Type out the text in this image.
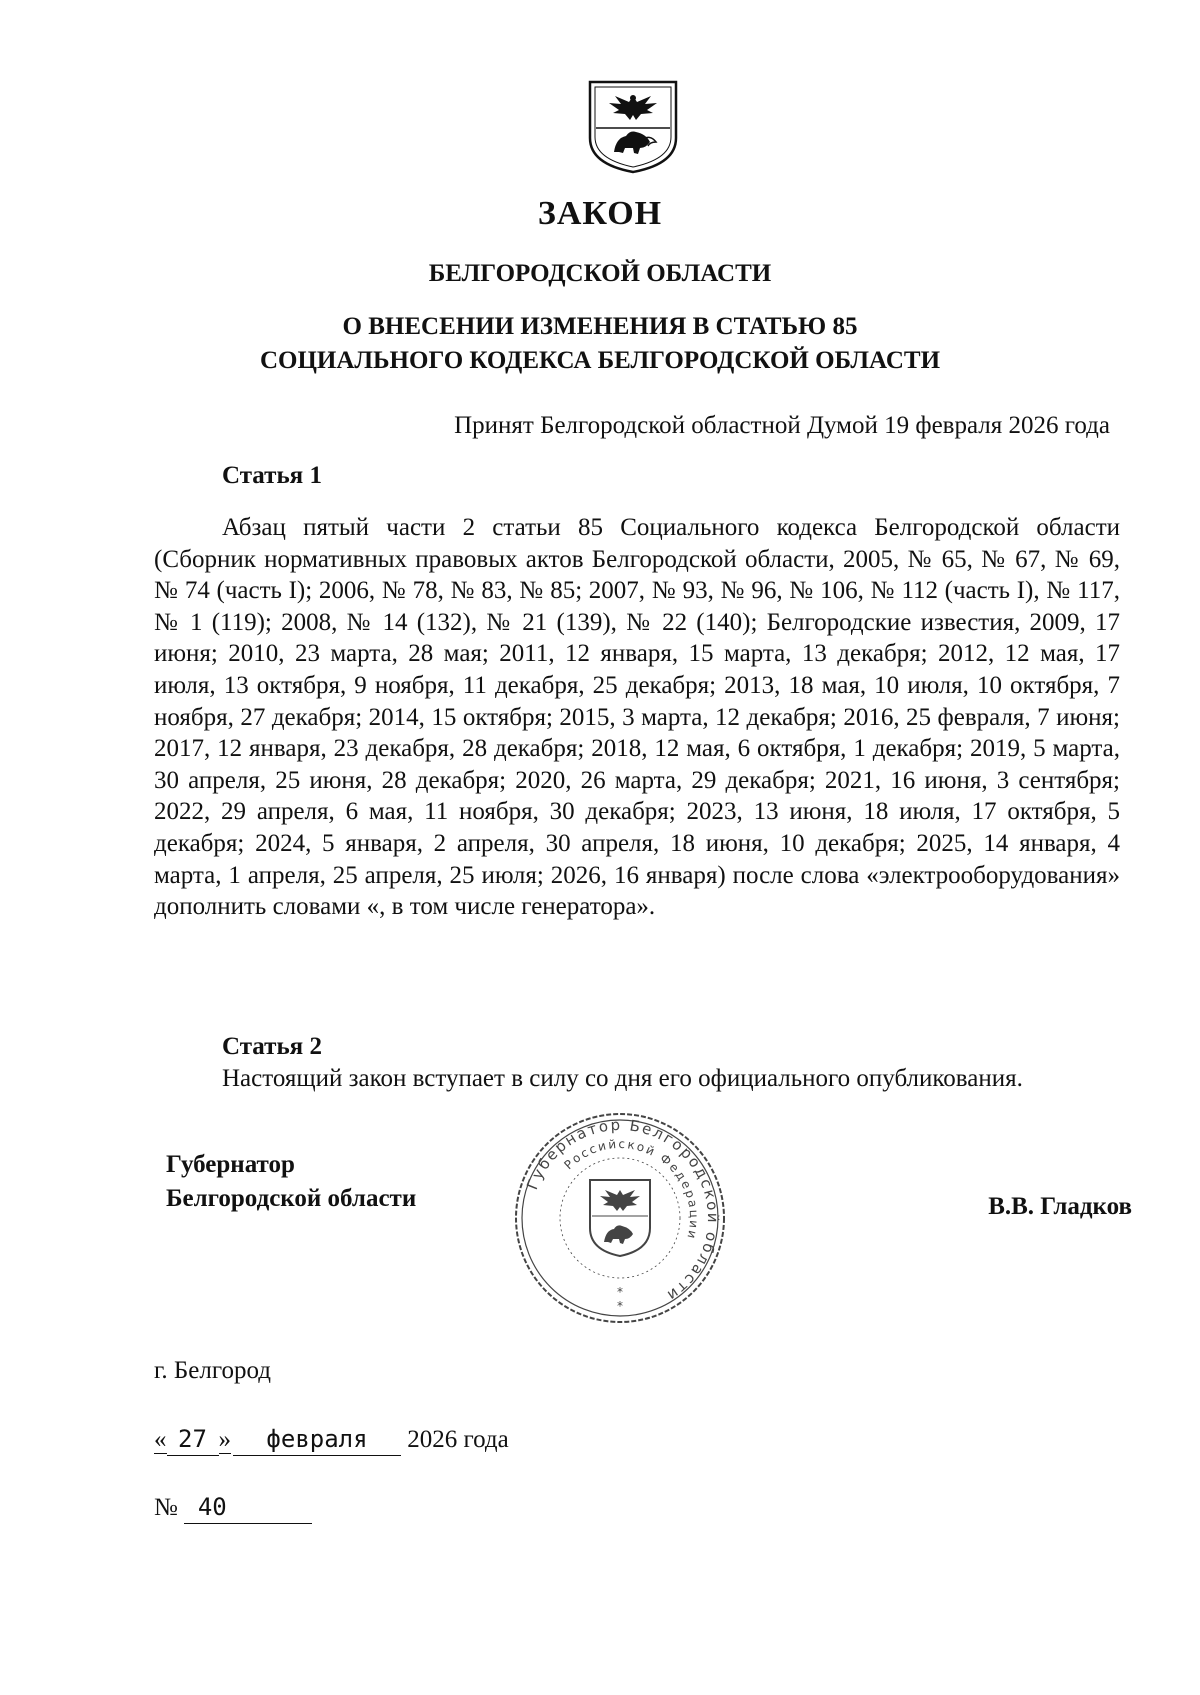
ЗАКОН
БЕЛГОРОДСКОЙ ОБЛАСТИ
О ВНЕСЕНИИ ИЗМЕНЕНИЯ В СТАТЬЮ 85
СОЦИАЛЬНОГО КОДЕКСА БЕЛГОРОДСКОЙ ОБЛАСТИ

Принят Белгородской областной Думой 19 февраля 2026 года

Статья 1

Абзац пятый части 2 статьи 85 Социального кодекса Белгородской области (Сборник нормативных правовых актов Белгородской области, 2005, № 65, № 67, № 69, № 74 (часть I); 2006, № 78, № 83, № 85; 2007, № 93, № 96, № 106, № 112 (часть I), № 117, № 1 (119); 2008, № 14 (132), № 21 (139), № 22 (140); Белгородские известия, 2009, 17 июня; 2010, 23 марта, 28 мая; 2011, 12 января, 15 марта, 13 декабря; 2012, 12 мая, 17 июля, 13 октября, 9 ноября, 11 декабря, 25 декабря; 2013, 18 мая, 10 июля, 10 октября, 7 ноября, 27 декабря; 2014, 15 октября; 2015, 3 марта, 12 декабря; 2016, 25 февраля, 7 июня; 2017, 12 января, 23 декабря, 28 декабря; 2018, 12 мая, 6 октября, 1 декабря; 2019, 5 марта, 30 апреля, 25 июня, 28 декабря; 2020, 26 марта, 29 декабря; 2021, 16 июня, 3 сентября; 2022, 29 апреля, 6 мая, 11 ноября, 30 декабря; 2023, 13 июня, 18 июля, 17 октября, 5 декабря; 2024, 5 января, 2 апреля, 30 апреля, 18 июня, 10 декабря; 2025, 14 января, 4 марта, 1 апреля, 25 апреля, 25 июля; 2026, 16 января) после слова «электрооборудования» дополнить словами «, в том числе генератора».

Статья 2

Настоящий закон вступает в силу со дня его официального опубликования.

Губернатор
Белгородской области	В.В. Гладков

Губернатор Белгородской области
Российской Федерации
*
*

г. Белгород

« 27 » февраля 2026 года

№ 40
